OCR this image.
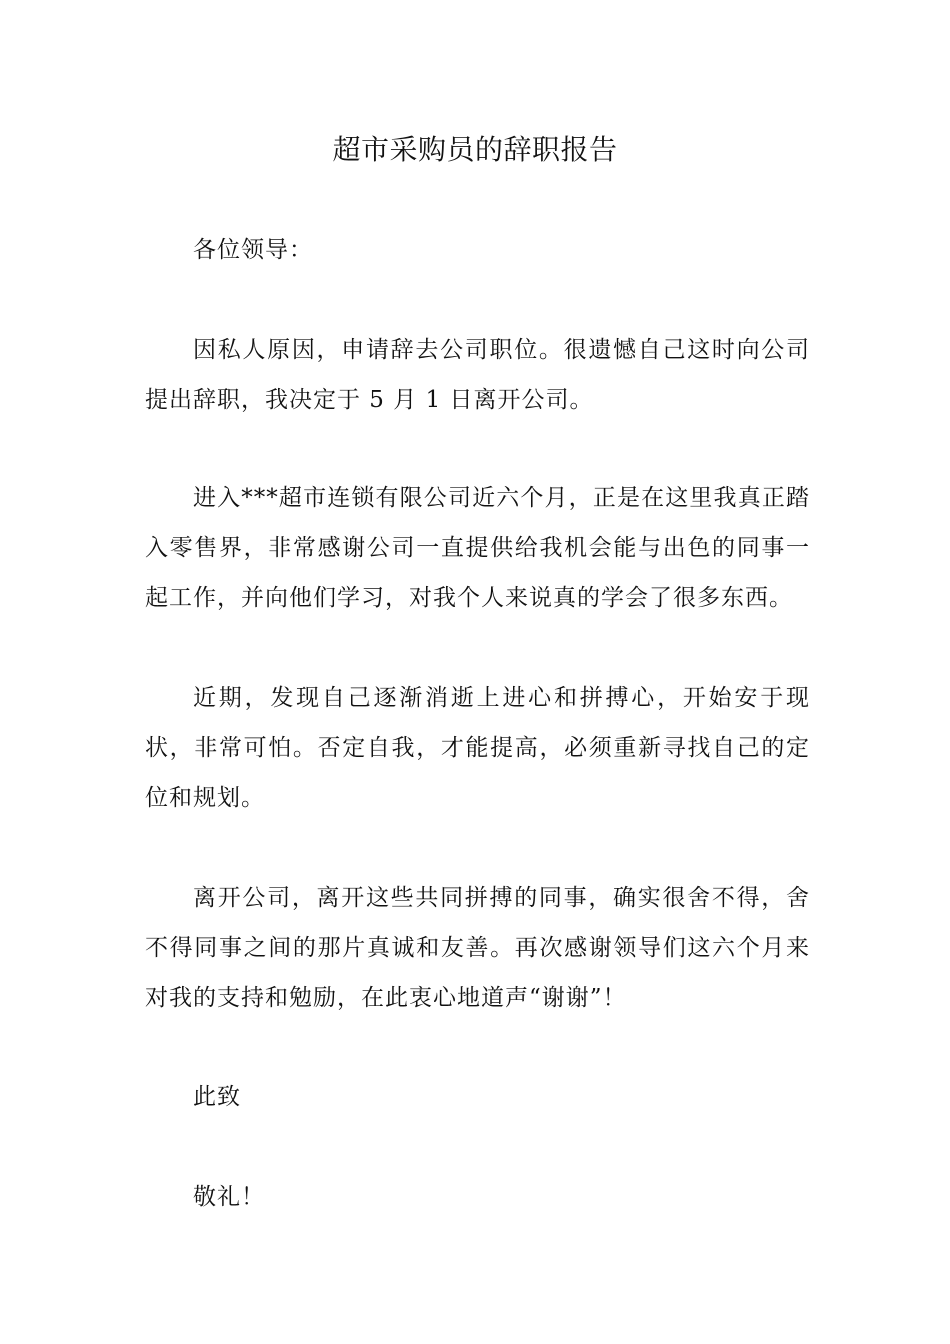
超市采购员的辞职报告

各位领导：

因私人原因，申请辞去公司职位。很遗憾自己这时向公司提出辞职，我决定于 5 月 1 日离开公司。

进入***超市连锁有限公司近六个月，正是在这里我真正踏入零售界，非常感谢公司一直提供给我机会能与出色的同事一起工作，并向他们学习，对我个人来说真的学会了很多东西。

近期，发现自己逐渐消逝上进心和拼搏心，开始安于现状，非常可怕。否定自我，才能提高，必须重新寻找自己的定位和规划。

离开公司，离开这些共同拼搏的同事，确实很舍不得，舍不得同事之间的那片真诚和友善。再次感谢领导们这六个月来对我的支持和勉励，在此衷心地道声“谢谢”！

此致

敬礼！
